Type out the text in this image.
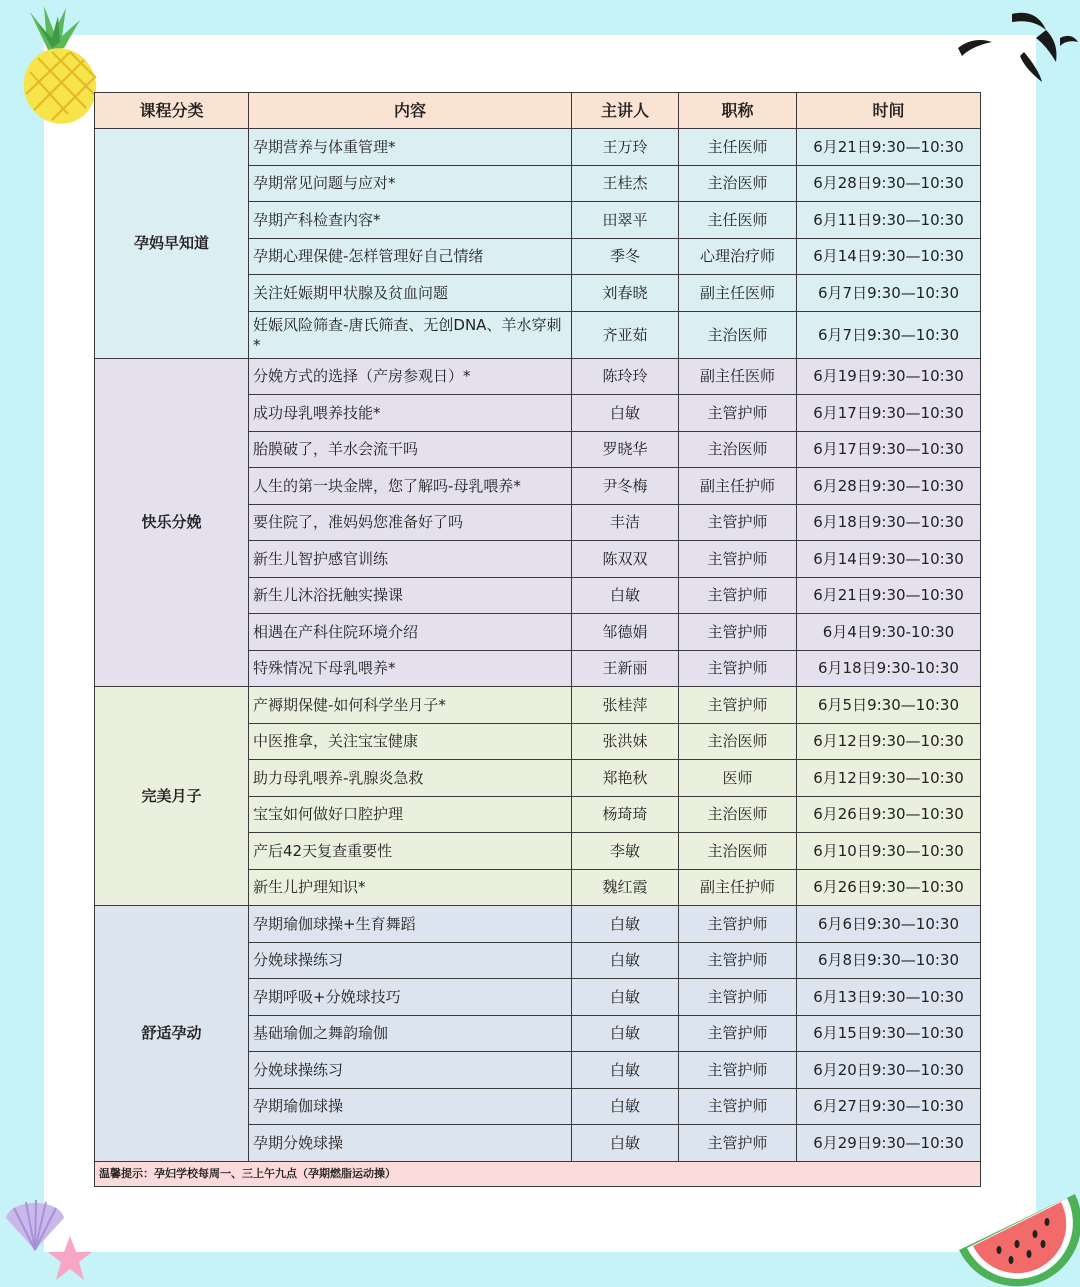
课程分类	内容	主讲人	职称	时间
孕妈早知道	孕期营养与体重管理*	王万玲	主任医师	6月21日9:30—10:30
	孕期常见问题与应对*	王桂杰	主治医师	6月28日9:30—10:30
	孕期产科检查内容*	田翠平	主任医师	6月11日9:30—10:30
	孕期心理保健-怎样管理好自己情绪	季冬	心理治疗师	6月14日9:30—10:30
	关注妊娠期甲状腺及贫血问题	刘春晓	副主任医师	6月7日9:30—10:30
	妊娠风险筛查-唐氏筛查、无创DNA、羊水穿刺*	齐亚茹	主治医师	6月7日9:30—10:30
快乐分娩	分娩方式的选择（产房参观日）*	陈玲玲	副主任医师	6月19日9:30—10:30
	成功母乳喂养技能*	白敏	主管护师	6月17日9:30—10:30
	胎膜破了，羊水会流干吗	罗晓华	主治医师	6月17日9:30—10:30
	人生的第一块金牌，您了解吗-母乳喂养*	尹冬梅	副主任护师	6月28日9:30—10:30
	要住院了，准妈妈您准备好了吗	丰洁	主管护师	6月18日9:30—10:30
	新生儿智护感官训练	陈双双	主管护师	6月14日9:30—10:30
	新生儿沐浴抚触实操课	白敏	主管护师	6月21日9:30—10:30
	相遇在产科住院环境介绍	邹德娟	主管护师	6月4日9:30-10:30
	特殊情况下母乳喂养*	王新丽	主管护师	6月18日9:30-10:30
完美月子	产褥期保健-如何科学坐月子*	张桂萍	主管护师	6月5日9:30—10:30
	中医推拿，关注宝宝健康	张洪妹	主治医师	6月12日9:30—10:30
	助力母乳喂养-乳腺炎急救	郑艳秋	医师	6月12日9:30—10:30
	宝宝如何做好口腔护理	杨琦琦	主治医师	6月26日9:30—10:30
	产后42天复查重要性	李敏	主治医师	6月10日9:30—10:30
	新生儿护理知识*	魏红霞	副主任护师	6月26日9:30—10:30
舒适孕动	孕期瑜伽球操+生育舞蹈	白敏	主管护师	6月6日9:30—10:30
	分娩球操练习	白敏	主管护师	6月8日9:30—10:30
	孕期呼吸+分娩球技巧	白敏	主管护师	6月13日9:30—10:30
	基础瑜伽之舞韵瑜伽	白敏	主管护师	6月15日9:30—10:30
	分娩球操练习	白敏	主管护师	6月20日9:30—10:30
	孕期瑜伽球操	白敏	主管护师	6月27日9:30—10:30
	孕期分娩球操	白敏	主管护师	6月29日9:30—10:30
温馨提示：孕妇学校每周一、三上午九点（孕期燃脂运动操）				
